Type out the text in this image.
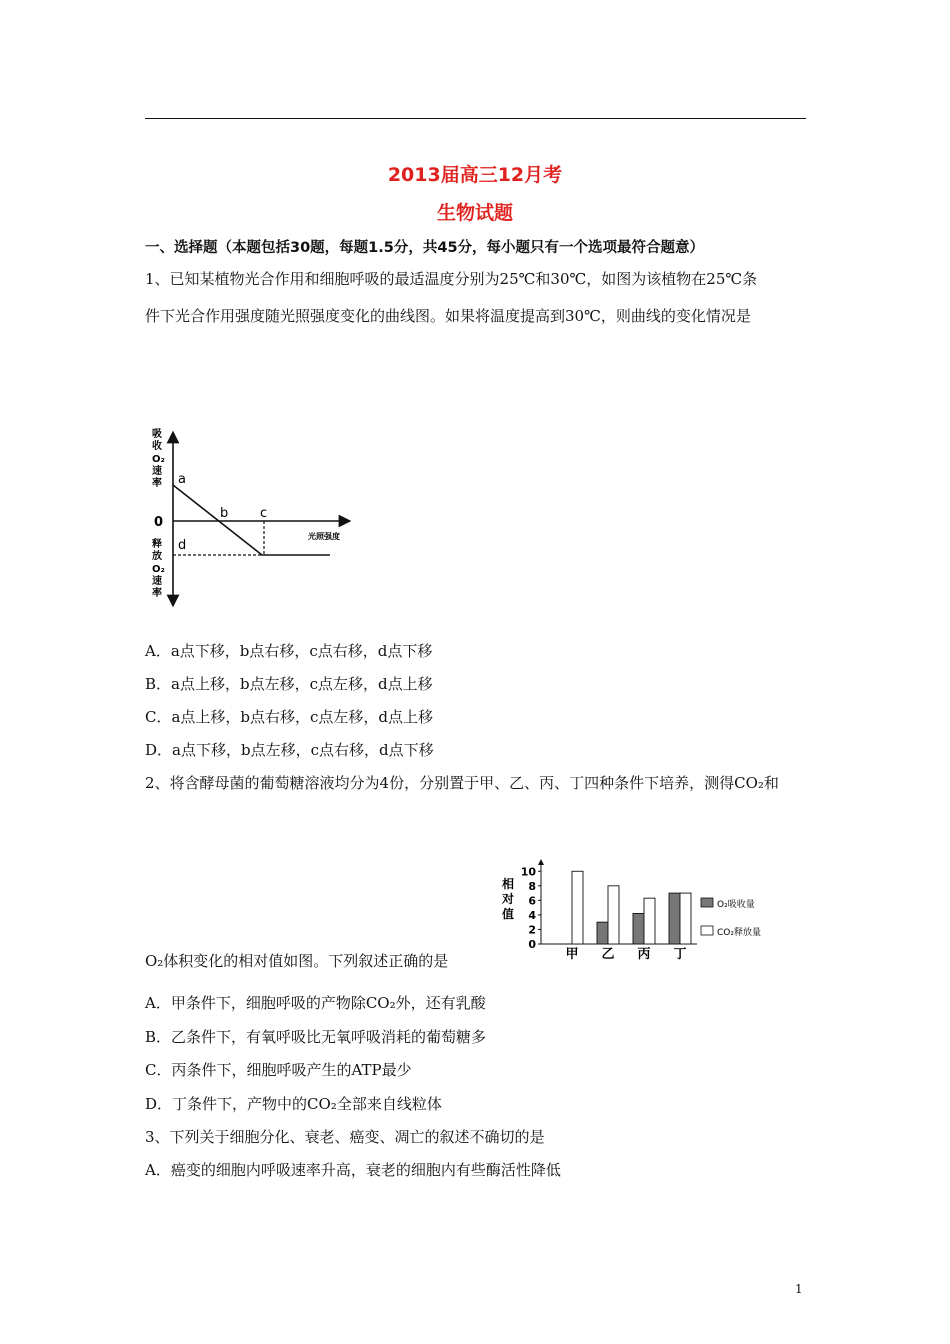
2013届高三12月考
生物试题
一、选择题（本题包括30题，每题1.5分，共45分，每小题只有一个选项最符合题意）
1、已知某植物光合作用和细胞呼吸的最适温度分别为25℃和30℃，如图为该植物在25℃条
件下光合作用强度随光照强度变化的曲线图。如果将温度提高到30℃，则曲线的变化情况是
吸
收
O₂
速
率
0
释
放
O₂
速
率
a
b c
d
光照强度
A．a点下移，b点右移，c点右移，d点下移
B．a点上移，b点左移，c点左移，d点上移
C．a点上移，b点右移，c点左移，d点上移
D．a点下移，b点左移，c点右移，d点下移
2、将含酵母菌的葡萄糖溶液均分为4份，分别置于甲、乙、丙、丁四种条件下培养，测得CO₂和
相
对
值
0
2
4
6
8
10
甲 乙 丙 丁
O₂吸收量
CO₂释放量
O₂体积变化的相对值如图。下列叙述正确的是
A．甲条件下，细胞呼吸的产物除CO₂外，还有乳酸
B．乙条件下，有氧呼吸比无氧呼吸消耗的葡萄糖多
C．丙条件下，细胞呼吸产生的ATP最少
D．丁条件下，产物中的CO₂全部来自线粒体
3、下列关于细胞分化、衰老、癌变、凋亡的叙述不确切的是
A．癌变的细胞内呼吸速率升高，衰老的细胞内有些酶活性降低
1
